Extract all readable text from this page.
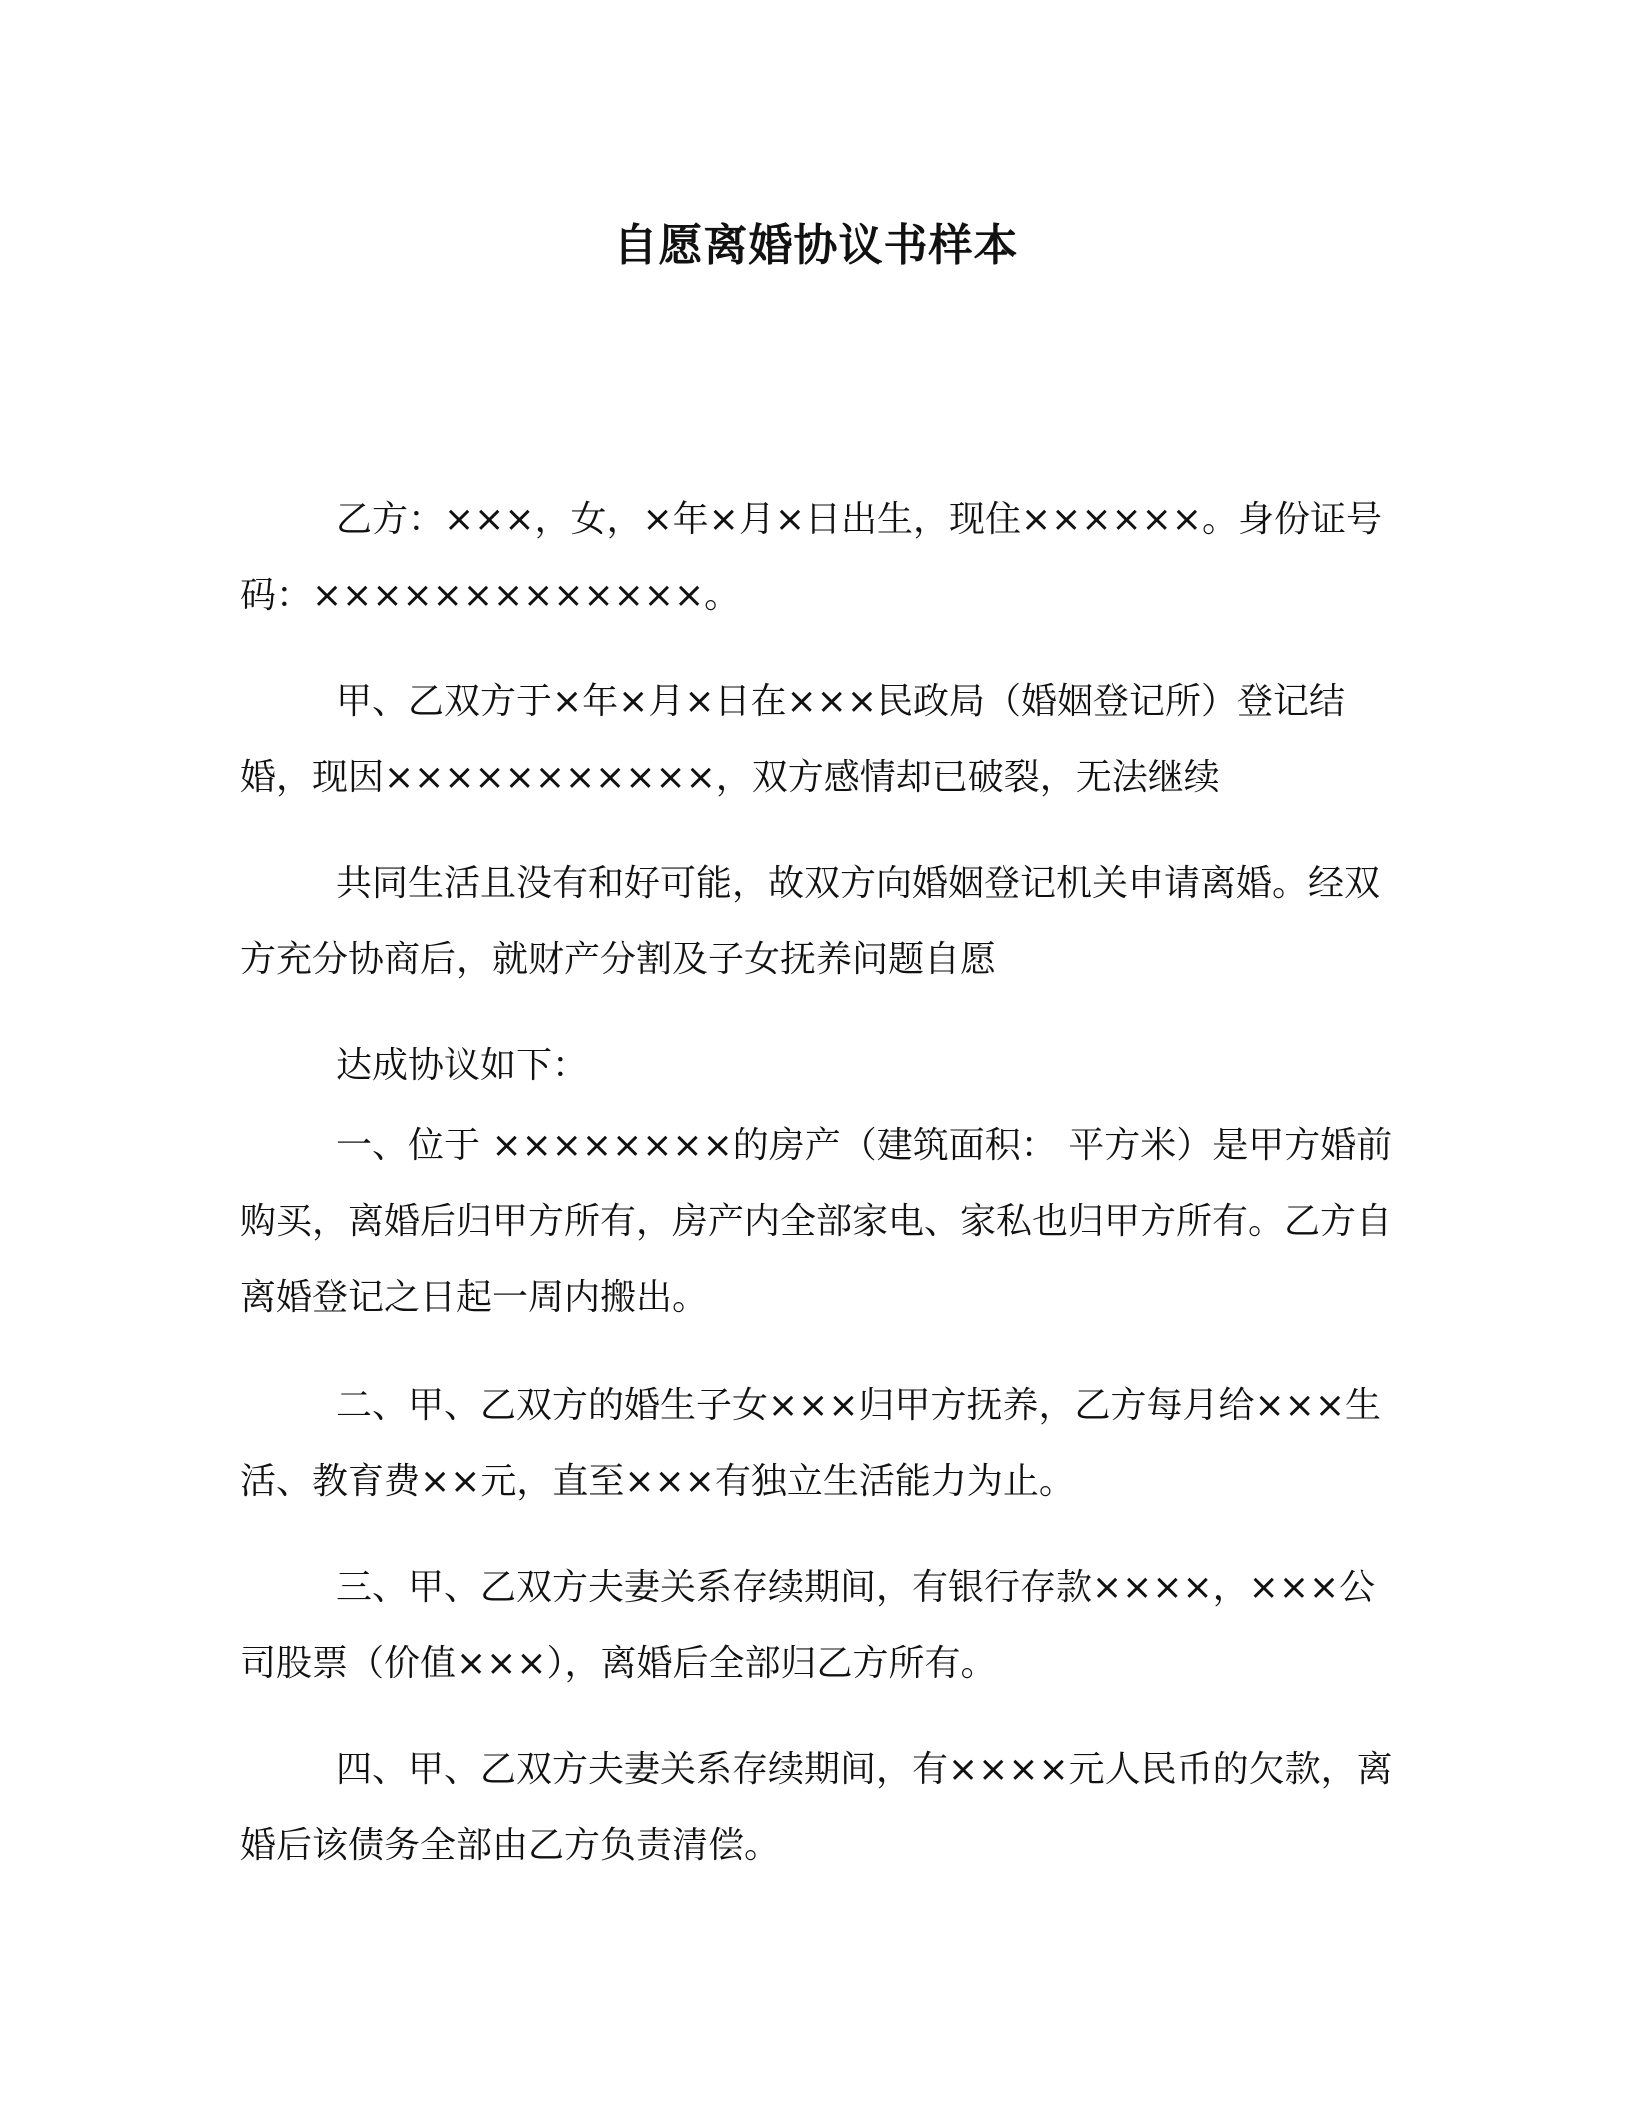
自愿离婚协议书样本

乙方：×××，女，×年×月×日出生，现住××××××。身份证号码：×××××××××××××。

甲、乙双方于×年×月×日在×××民政局（婚姻登记所）登记结婚，现因×××××××××××，双方感情却已破裂，无法继续

共同生活且没有和好可能，故双方向婚姻登记机关申请离婚。经双方充分协商后，就财产分割及子女抚养问题自愿

达成协议如下：

一、位于 ××××××××的房产（建筑面积： 平方米）是甲方婚前购买，离婚后归甲方所有，房产内全部家电、家私也归甲方所有。乙方自离婚登记之日起一周内搬出。

二、甲、乙双方的婚生子女×××归甲方抚养，乙方每月给×××生活、教育费××元，直至×××有独立生活能力为止。

三、甲、乙双方夫妻关系存续期间，有银行存款××××，×××公司股票（价值×××），离婚后全部归乙方所有。

四、甲、乙双方夫妻关系存续期间，有××××元人民币的欠款，离婚后该债务全部由乙方负责清偿。
